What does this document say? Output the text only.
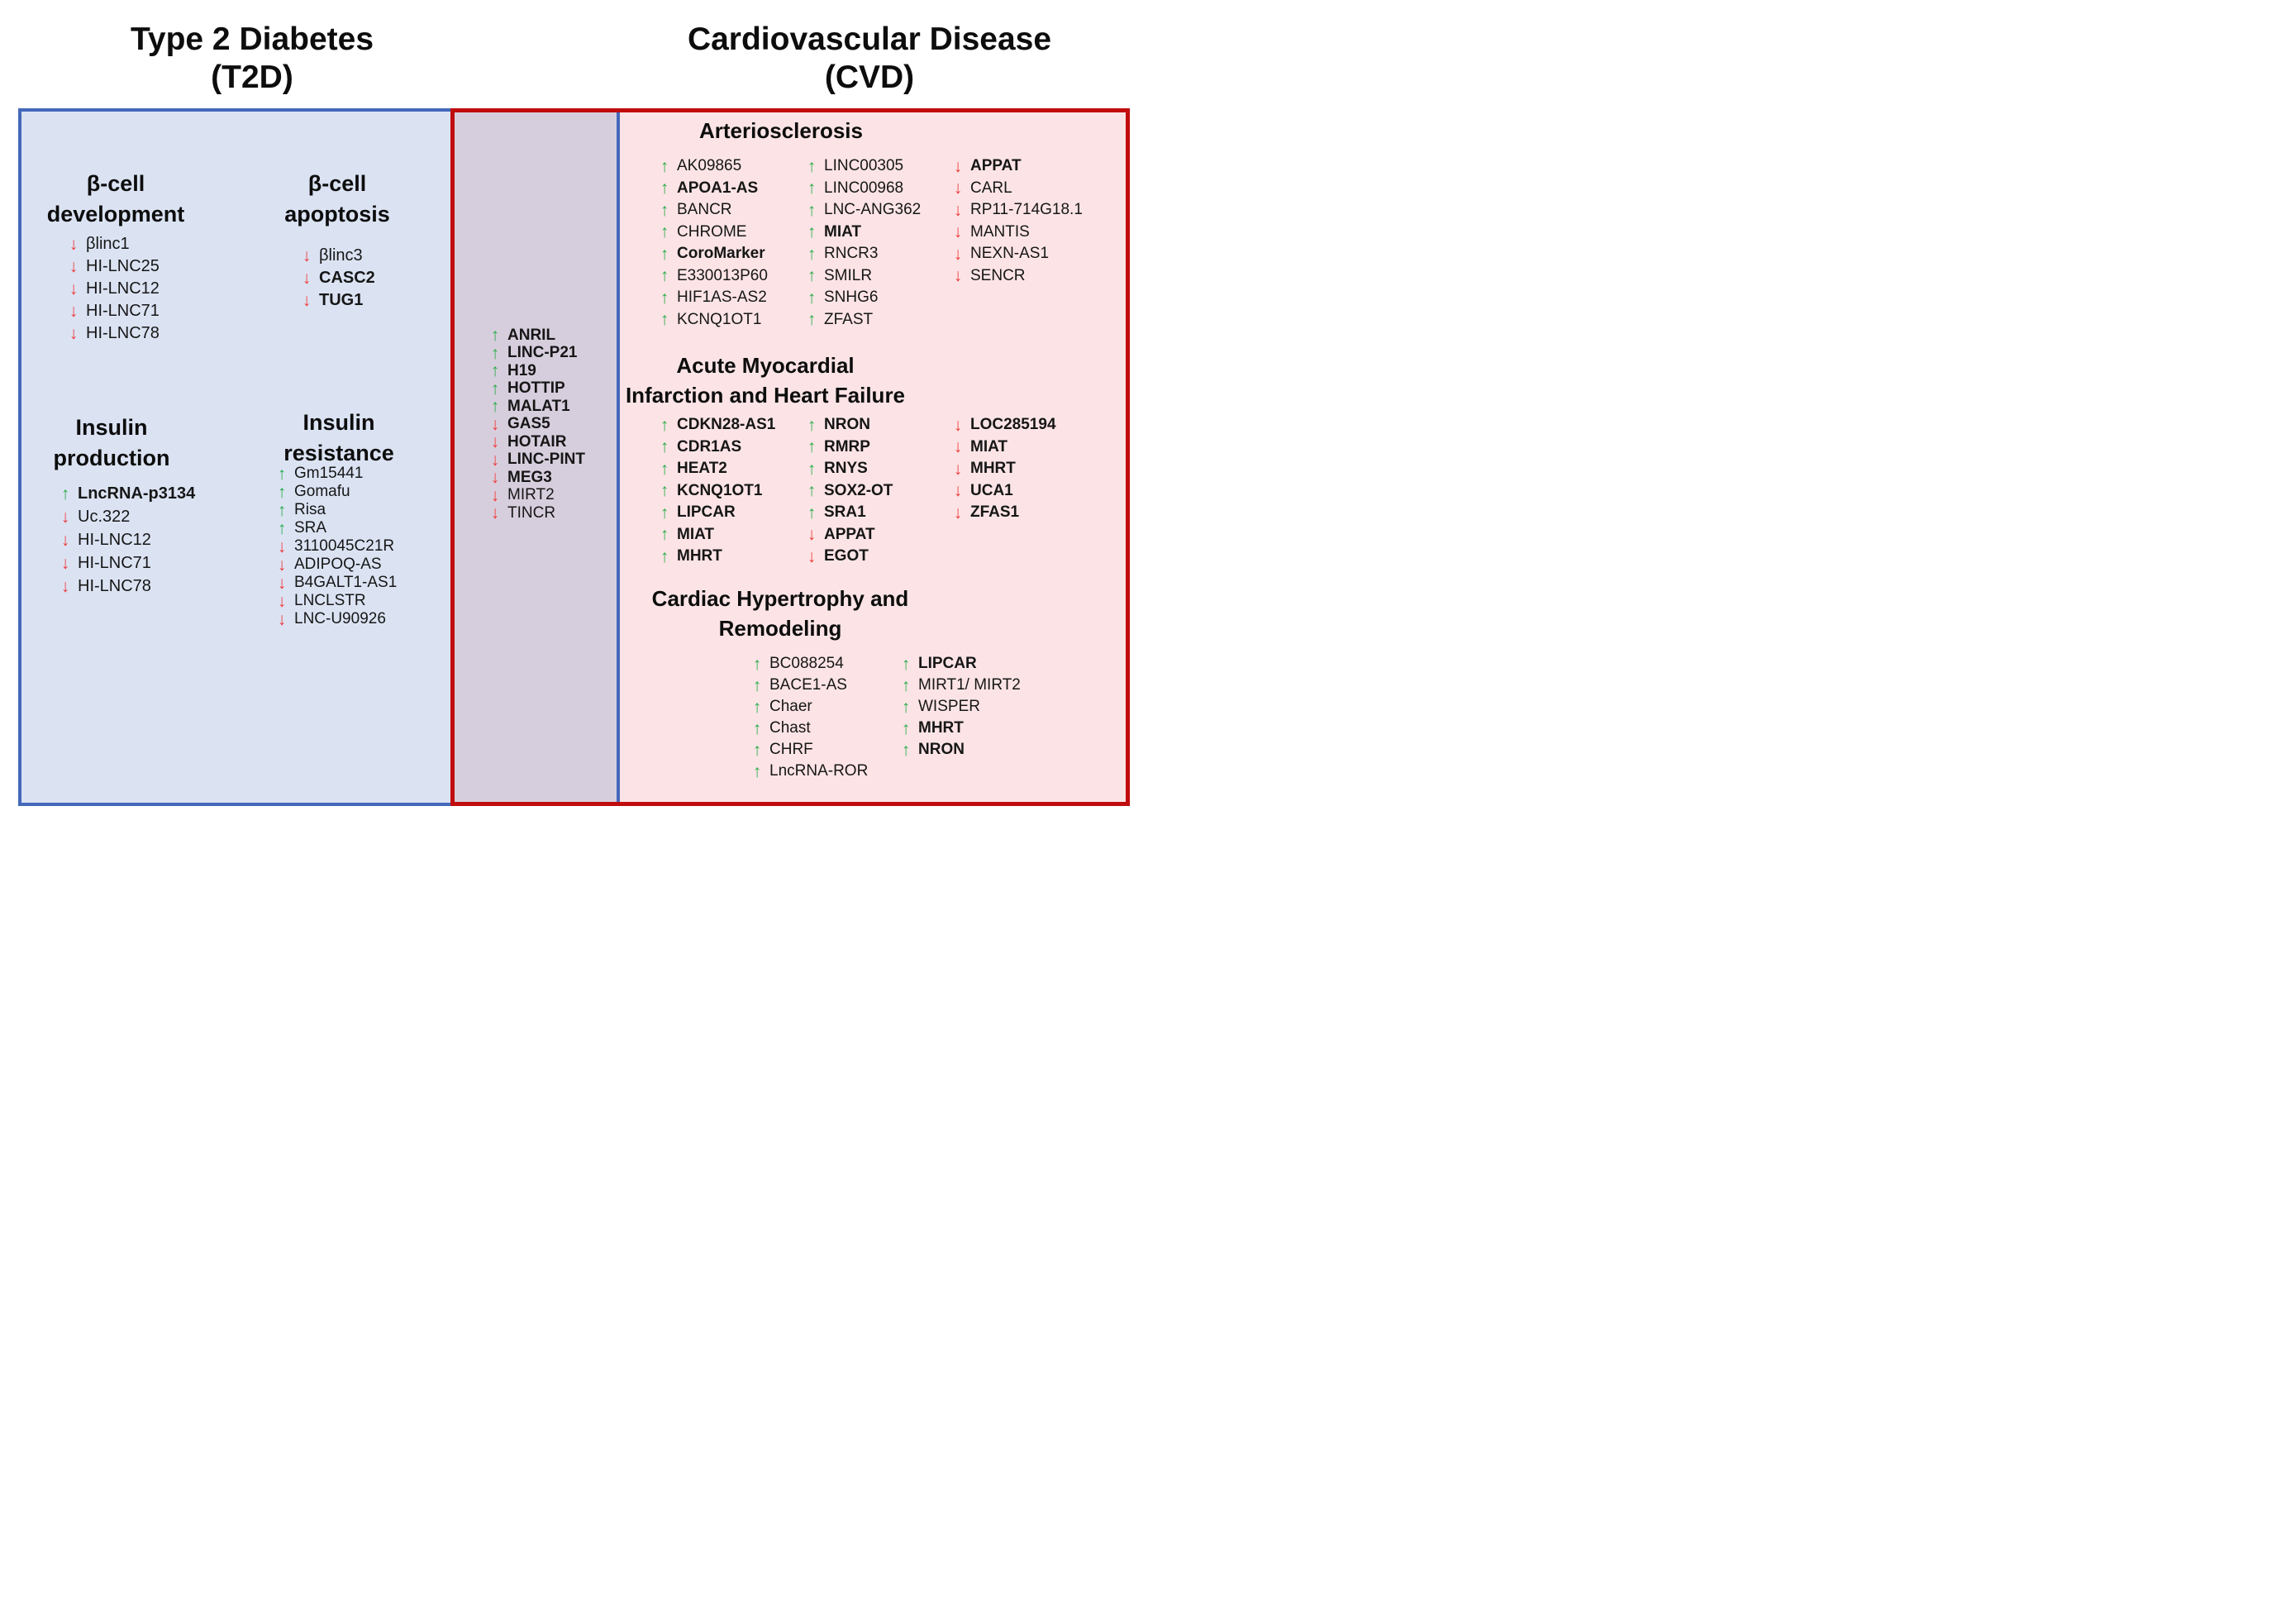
Type 2 Diabetes
(T2D)
Cardiovascular Disease
(CVD)
β-cell
development
β-cell
apoptosis
Insulin
production
Insulin
resistance
Arteriosclerosis
Acute Myocardial
Infarction and Heart Failure
Cardiac Hypertrophy and
Remodeling
↓ βlinc1
↓ HI-LNC25
↓ HI-LNC12
↓ HI-LNC71
↓ HI-LNC78
↓ βlinc3
↓ CASC2
↓ TUG1
↑ LncRNA-p3134
↓ Uc.322
↓ HI-LNC12
↓ HI-LNC71
↓ HI-LNC78
↑ Gm15441
↑ Gomafu
↑ Risa
↑ SRA
↓ 3110045C21R
↓ ADIPOQ-AS
↓ B4GALT1-AS1
↓ LNCLSTR
↓ LNC-U90926
↑ ANRIL
↑ LINC-P21
↑ H19
↑ HOTTIP
↑ MALAT1
↓ GAS5
↓ HOTAIR
↓ LINC-PINT
↓ MEG3
↓ MIRT2
↓ TINCR
↑ AK09865
↑ APOA1-AS
↑ BANCR
↑ CHROME
↑ CoroMarker
↑ E330013P60
↑ HIF1AS-AS2
↑ KCNQ1OT1
↑ LINC00305
↑ LINC00968
↑ LNC-ANG362
↑ MIAT
↑ RNCR3
↑ SMILR
↑ SNHG6
↑ ZFAST
↓ APPAT
↓ CARL
↓ RP11-714G18.1
↓ MANTIS
↓ NEXN-AS1
↓ SENCR
↑ CDKN28-AS1
↑ CDR1AS
↑ HEAT2
↑ KCNQ1OT1
↑ LIPCAR
↑ MIAT
↑ MHRT
↑ NRON
↑ RMRP
↑ RNYS
↑ SOX2-OT
↑ SRA1
↓ APPAT
↓ EGOT
↓ LOC285194
↓ MIAT
↓ MHRT
↓ UCA1
↓ ZFAS1
↑ BC088254
↑ BACE1-AS
↑ Chaer
↑ Chast
↑ CHRF
↑ LncRNA-ROR
↑ LIPCAR
↑ MIRT1/ MIRT2
↑ WISPER
↑ MHRT
↑ NRON
